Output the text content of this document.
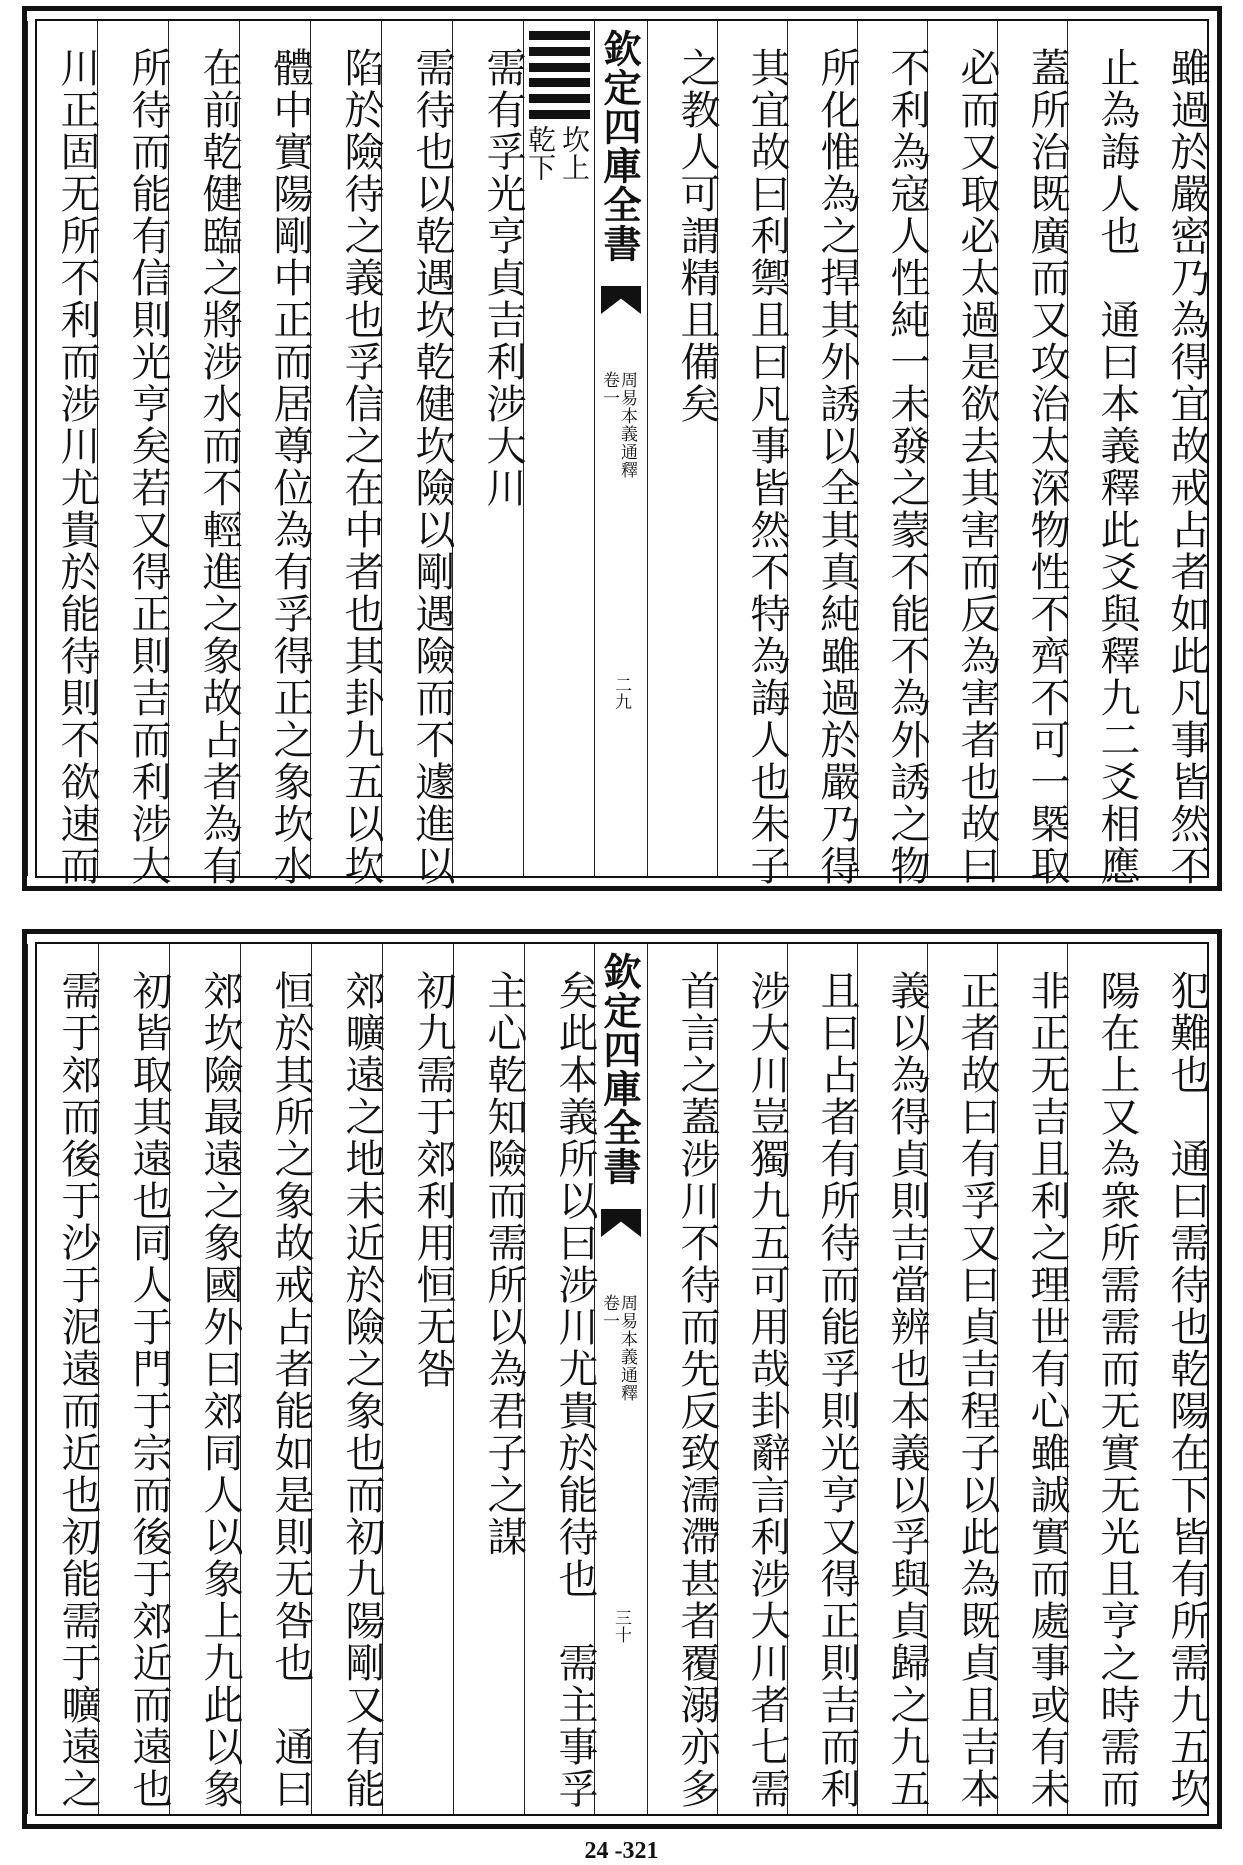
雖過於嚴密乃為得宜故戒占者如此凡事皆然不
止為誨人也　通曰本義釋此爻與釋九二爻相應
蓋所治既廣而又攻治太深物性不齊不可一槩取
必而又取必太過是欲去其害而反為害者也故曰
不利為寇人性純一未發之蒙不能不為外誘之物
所化惟為之捍其外誘以全其真純雖過於嚴乃得
其宜故曰利禦且曰凡事皆然不特為誨人也朱子
之教人可謂精且備矣
欽定四庫全書
周易本義通釋
卷一
二九
乾下 坎上
需有孚光亨貞吉利涉大川
需待也以乾遇坎乾健坎險以剛遇險而不遽進以
陷於險待之義也孚信之在中者也其卦九五以坎
體中實陽剛中正而居尊位為有孚得正之象坎水
在前乾健臨之將涉水而不輕進之象故占者為有
所待而能有信則光亨矣若又得正則吉而利涉大
川正固无所不利而涉川尤貴於能待則不欲速而
犯難也　通曰需待也乾陽在下皆有所需九五坎
陽在上又為衆所需需而无實无光且亨之時需而
非正无吉且利之理世有心雖誠實而處事或有未
正者故曰有孚又曰貞吉程子以此為既貞且吉本
義以為得貞則吉當辨也本義以孚與貞歸之九五
且曰占者有所待而能孚則光亨又得正則吉而利
涉大川豈獨九五可用哉卦辭言利涉大川者七需
首言之蓋涉川不待而先反致濡滯甚者覆溺亦多
欽定四庫全書
周易本義通釋
卷一
三十
矣此本義所以曰涉川尤貴於能待也　需主事孚
主心乾知險而需所以為君子之謀
初九需于郊利用恒无咎
郊曠遠之地未近於險之象也而初九陽剛又有能
恒於其所之象故戒占者能如是則无咎也　通曰
郊坎險最遠之象國外曰郊同人以象上九此以象
初皆取其遠也同人于門于宗而後于郊近而遠也
需于郊而後于沙于泥遠而近也初能需于曠遠之
24 -321
